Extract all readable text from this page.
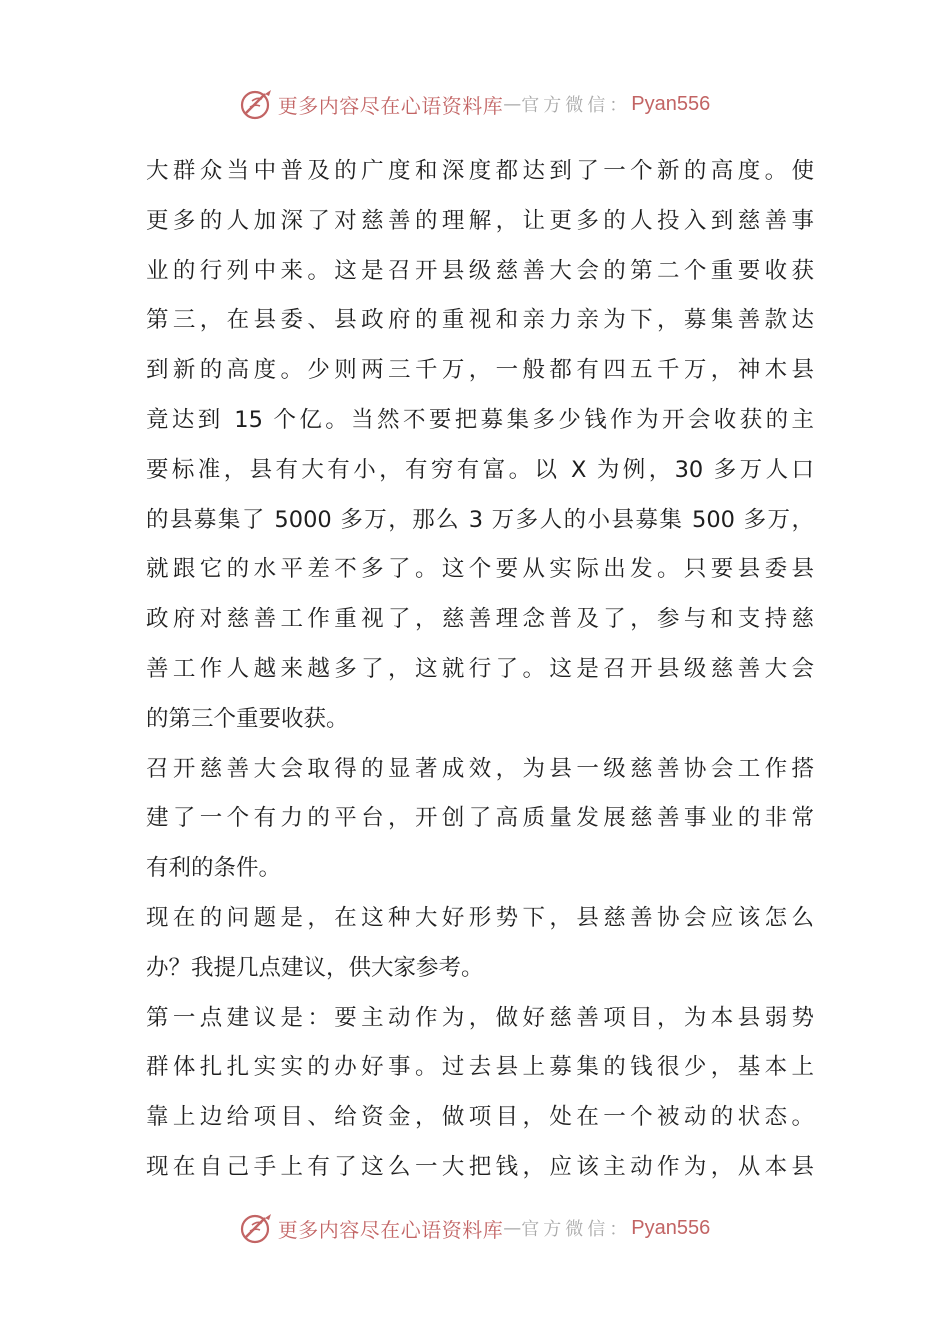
更多内容尽在心语资料库 — 官方微信： Pyan556
大群众当中普及的广度和深度都达到了一个新的高度。使
更多的人加深了对慈善的理解，让更多的人投入到慈善事
业的行列中来。这是召开县级慈善大会的第二个重要收获
第三，在县委、县政府的重视和亲力亲为下，募集善款达
到新的高度。少则两三千万，一般都有四五千万，神木县
竟达到 15 个亿。当然不要把募集多少钱作为开会收获的主
要标准，县有大有小，有穷有富。以 X 为例，30 多万人口
的县募集了 5000 多万，那么 3 万多人的小县募集 500 多万，
就跟它的水平差不多了。这个要从实际出发。只要县委县
政府对慈善工作重视了，慈善理念普及了，参与和支持慈
善工作人越来越多了，这就行了。这是召开县级慈善大会
的第三个重要收获。
召开慈善大会取得的显著成效，为县一级慈善协会工作搭
建了一个有力的平台，开创了高质量发展慈善事业的非常
有利的条件。
现在的问题是，在这种大好形势下，县慈善协会应该怎么
办？我提几点建议，供大家参考。
第一点建议是：要主动作为，做好慈善项目，为本县弱势
群体扎扎实实的办好事。过去县上募集的钱很少，基本上
靠上边给项目、给资金，做项目，处在一个被动的状态。
现在自己手上有了这么一大把钱，应该主动作为，从本县
更多内容尽在心语资料库 — 官方微信： Pyan556
